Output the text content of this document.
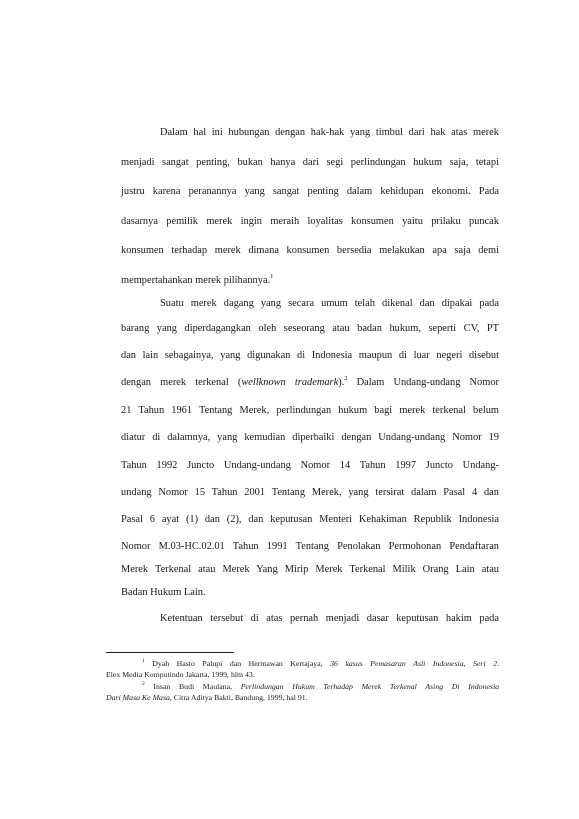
Dalam hal ini hubungan dengan hak-hak yang timbul dari hak atas merek
menjadi sangat penting, bukan hanya dari segi perlindungan hukum saja, tetapi
justru karena peranannya yang sangat penting dalam kehidupan ekonomi. Pada
dasarnya pemilik merek ingin meraih loyalitas konsumen yaitu prilaku puncak
konsumen terhadap merek dimana konsumen bersedia melakukan apa saja demi
mempertahankan merek pilihannya.$^1$
Suatu merek dagang yang secara umum telah dikenal dan dipakai pada
barang yang diperdagangkan oleh seseorang atau badan hukum, seperti CV, PT
dan lain sebagainya, yang digunakan di Indonesia maupun di luar negeri disebut
dengan merek terkenal (wellknown trademark).$^2$ Dalam Undang-undang Nomor
21 Tahun 1961 Tentang Merek, perlindungan hukum bagi merek terkenal belum
diatur di dalamnya, yang kemudian diperbaiki dengan Undang-undang Nomor 19
Tahun 1992 Juncto Undang-undang Nomor 14 Tahun 1997 Juncto Undang-
undang Nomor 15 Tahun 2001 Tentang Merek, yang tersirat dalam Pasal 4 dan
Pasal 6 ayat (1) dan (2), dan keputusan Menteri Kehakiman Republik Indonesia
Nomor M.03-HC.02.01 Tahun 1991 Tentang Penolakan Permohonan Pendaftaran
Merek Terkenal atau Merek Yang Mirip Merek Terkenal Milik Orang Lain atau
Badan Hukum Lain.
Ketentuan tersebut di atas pernah menjadi dasar keputusan hakim pada
$^1$ Dyah Hasto Palupi dan Hermawan Kertajaya, 36 kasus Pemasaran Asli Indonesia, Seri 2.
Elex Media Komputindo Jakarta, 1999, hlm 43.
$^2$ Insan Budi Maulana, Perlindungan Hukum Terhadap Merek Terkenal Asing Di Indonesia
Dari Masa Ke Masa, Citra Aditya Bakti, Bandung, 1999, hal 91.
